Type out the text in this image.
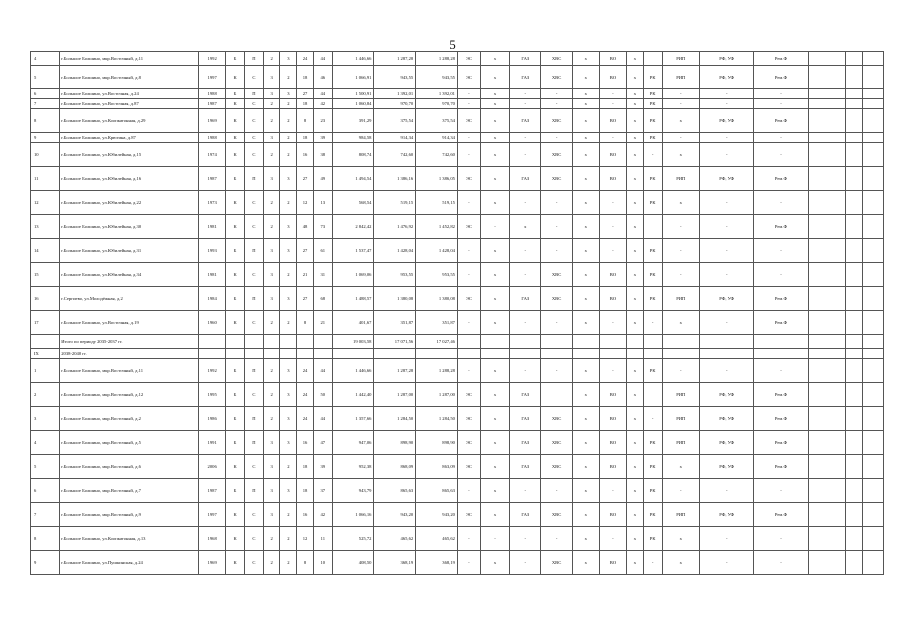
5
4	г.Большое Болшино, мкр.Восточный, д.11	1992	Б	П	2	3	24	44	1 446,66	1 287,28	1 288,28	ЭС	х	ГАЗ	ХВС	х	ВО	х		РИП	РФ, УФ	Рем.Ф			
5	г.Большое Болшино, мкр.Восточный, д.8	1997	К	С	3	2	18	46	1 066,91	943,55	943,55	ЭС	х	ГАЗ	ХВС	х	ВО	х	РК	РИП	РФ, УФ	Рем.Ф			
6	г.Большое Болшино, ул.Восточная, д.24	1988	Б	П	3	3	27	44	1 500,91	1 392,01	1 392,01	-	х	-	-	х	-	х	РК	-	-	-			
7	г.Большое Болшино, ул.Восточная, д.87	1987	К	С	2	2	18	42	1 060,84	970,70	970,70	-	х	-	-	х	-	х	РК	-	-	-			
8	г.Большое Болшино, ул.Коопкатонная, д.29	1969	К	С	2	2	8	23	391,29	375,54	375,54	ЭС	х	ГАЗ	ХВС	х	ВО	х	РК	х	РФ, УФ	Рем.Ф			
9	г.Большое Болшино, ул.Крюгина, д.87	1988	К	С	3	2	18	39	984,58	914,34	914,34	-	х	-	-	х	-	х	РК	-	-	-			
10	г.Большое Болшино, ул.Юбилейная, д.15	1974	К	С	2	2	16	38	808,74	742,60	742,60	-	х	-	ХВС	х	ВО	х	-	х	-	-			
11	г.Большое Болшино, ул.Юбилейная, д.16	1987	Б	П	3	3	27	49	1 494,54	1 386,16	1 386,05	ЭС	х	ГАЗ	ХВС	х	ВО	х	РК	РИП	РФ, УФ	Рем.Ф			
12	г.Большое Болшино, ул.Юбилейная, д.22	1973	К	С	2	2	12	13	568,54	519,15	519,15	-	х	-	-	х	-	х	РК	х	-	-			
13	г.Большое Болшино, ул.Юбилейная, д.30	1981	К	С	2	3	48	73	2 842,42	1 476,92	1 452,82	ЭС	-	х	-	х	-	х		-	-	Рем.Ф			
14	г.Большое Болшино, ул.Юбилейная, д.31	1993	Б	П	3	3	27	61	1 537,47	1 428,04	1 428,04	-	х	-	-	х	-	х	РК	-	-	-			
15	г.Большое Болшино, ул.Юбилейная, д.34	1981	К	С	3	2	21	31	1 069,06	953,55	953,55	-	х	-	ХВС	х	ВО	х	РК	-	-	-			
16	г.Сергиево, ул.Молодёжная, д.2	1984	Б	П	3	3	27	68	1 488,57	1 380,08	1 380,08	ЭС	х	ГАЗ	ХВС	х	ВО	х	РК	РИП	РФ, УФ	Рем.Ф			
17	г.Большое Болшино, ул.Восточная, д.19	1960	К	С	2	2	8	21	401,67	351,87	351,87	-	х	-	-	х	-	х	-	х	-	Рем.Ф			
	Итого по периоду 2035-2037 гг.								19 003,58	17 071,56	17 027,46														
IX	2038-2040 гг.																								
1	г.Большое Болшино, мкр.Восточный, д.11	1992	Б	П	2	3	24	44	1 446,66	1 287,28	1 288,28	-	х	-	-	х	-	х	РК	-	-	-			
2	г.Большое Болшино, мкр.Восточный, д.12	1995	Б	С	2	3	24	50	1 442,40	1 287,00	1 287,00	ЭС	х	ГАЗ		х	ВО	х		РИП	РФ, УФ	Рем.Ф			
3	г.Большое Болшино, мкр.Восточный, д.2	1986	Б	П	2	3	24	44	1 357,66	1 284,50	1 284,50	ЭС	х	ГАЗ	ХВС	х	ВО	х	-	РИП	РФ, УФ	Рем.Ф			
4	г.Большое Болшино, мкр.Восточный, д.5	1991	Б	П	3	3	16	47	947,06	898,90	898,90	ЭС	х	ГАЗ	ХВС	х	ВО	х	РК	РИП	РФ, УФ	Рем.Ф			
5	г.Большое Болшино, мкр.Восточный, д.6	2006	К	С	3	2	18	39	952,38	868,09	863,09	ЭС	х	ГАЗ	ХВС	х	ВО	х	РК	х	РФ, УФ	Рем.Ф			
6	г.Большое Болшино, мкр.Восточный, д.7	1987	Б	П	3	3	18	37	943,79	865,63	865,63	-	х	-	-	х	-	х	РК	-	-	-			
7	г.Большое Болшино, мкр.Восточный, д.9	1997	К	С	3	2	16	42	1 066,16	943,20	943,20	ЭС	х	ГАЗ	ХВС	х	ВО	х	РК	РИП	РФ, УФ	Рем.Ф			
8	г.Большое Болшино, ул.Коопкатонная, д.13	1968	К	С	2	2	12	11	525,72	465,62	465,62	-	-	-	-	х	-	х	РК	х	-	-			
9	г.Большое Болшино, ул.Пушкинская, д.24	1969	К	С	2	2	8	10	408,50	368,19	368,19	-	х	-	ХВС	х	ВО	х	-	х	-	-			
